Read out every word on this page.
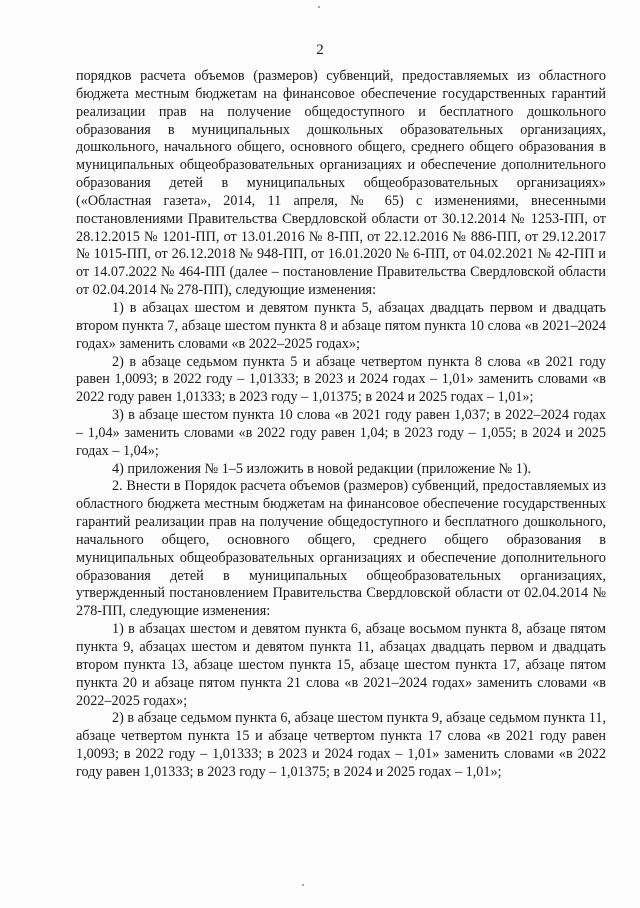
2

порядков расчета объемов (размеров) субвенций, предоставляемых из областного бюджета местным бюджетам на финансовое обеспечение государственных гарантий реализации прав на получение общедоступного и бесплатного дошкольного образования в муниципальных дошкольных образовательных организациях, дошкольного, начального общего, основного общего, среднего общего образования в муниципальных общеобразовательных организациях и обеспечение дополнительного образования детей в муниципальных общеобразовательных организациях» («Областная газета», 2014, 11 апреля, № 65) с изменениями, внесенными постановлениями Правительства Свердловской области от 30.12.2014 № 1253-ПП, от 28.12.2015 № 1201-ПП, от 13.01.2016 № 8-ПП, от 22.12.2016 № 886-ПП, от 29.12.2017 № 1015-ПП, от 26.12.2018 № 948-ПП, от 16.01.2020 № 6-ПП, от 04.02.2021 № 42-ПП и от 14.07.2022 № 464-ПП (далее – постановление Правительства Свердловской области от 02.04.2014 № 278-ПП), следующие изменения:

1) в абзацах шестом и девятом пункта 5, абзацах двадцать первом и двадцать втором пункта 7, абзаце шестом пункта 8 и абзаце пятом пункта 10 слова «в 2021–2024 годах» заменить словами «в 2022–2025 годах»;

2) в абзаце седьмом пункта 5 и абзаце четвертом пункта 8 слова «в 2021 году равен 1,0093; в 2022 году – 1,01333; в 2023 и 2024 годах – 1,01» заменить словами «в 2022 году равен 1,01333; в 2023 году – 1,01375; в 2024 и 2025 годах – 1,01»;

3) в абзаце шестом пункта 10 слова «в 2021 году равен 1,037; в 2022–2024 годах – 1,04» заменить словами «в 2022 году равен 1,04; в 2023 году – 1,055; в 2024 и 2025 годах – 1,04»;

4) приложения № 1–5 изложить в новой редакции (приложение № 1).

2. Внести в Порядок расчета объемов (размеров) субвенций, предоставляемых из областного бюджета местным бюджетам на финансовое обеспечение государственных гарантий реализации прав на получение общедоступного и бесплатного дошкольного, начального общего, основного общего, среднего общего образования в муниципальных общеобразовательных организациях и обеспечение дополнительного образования детей в муниципальных общеобразовательных организациях, утвержденный постановлением Правительства Свердловской области от 02.04.2014 № 278-ПП, следующие изменения:

1) в абзацах шестом и девятом пункта 6, абзаце восьмом пункта 8, абзаце пятом пункта 9, абзацах шестом и девятом пункта 11, абзацах двадцать первом и двадцать втором пункта 13, абзаце шестом пункта 15, абзаце шестом пункта 17, абзаце пятом пункта 20 и абзаце пятом пункта 21 слова «в 2021–2024 годах» заменить словами «в 2022–2025 годах»;

2) в абзаце седьмом пункта 6, абзаце шестом пункта 9, абзаце седьмом пункта 11, абзаце четвертом пункта 15 и абзаце четвертом пункта 17 слова «в 2021 году равен 1,0093; в 2022 году – 1,01333; в 2023 и 2024 годах – 1,01» заменить словами «в 2022 году равен 1,01333; в 2023 году – 1,01375; в 2024 и 2025 годах – 1,01»;
